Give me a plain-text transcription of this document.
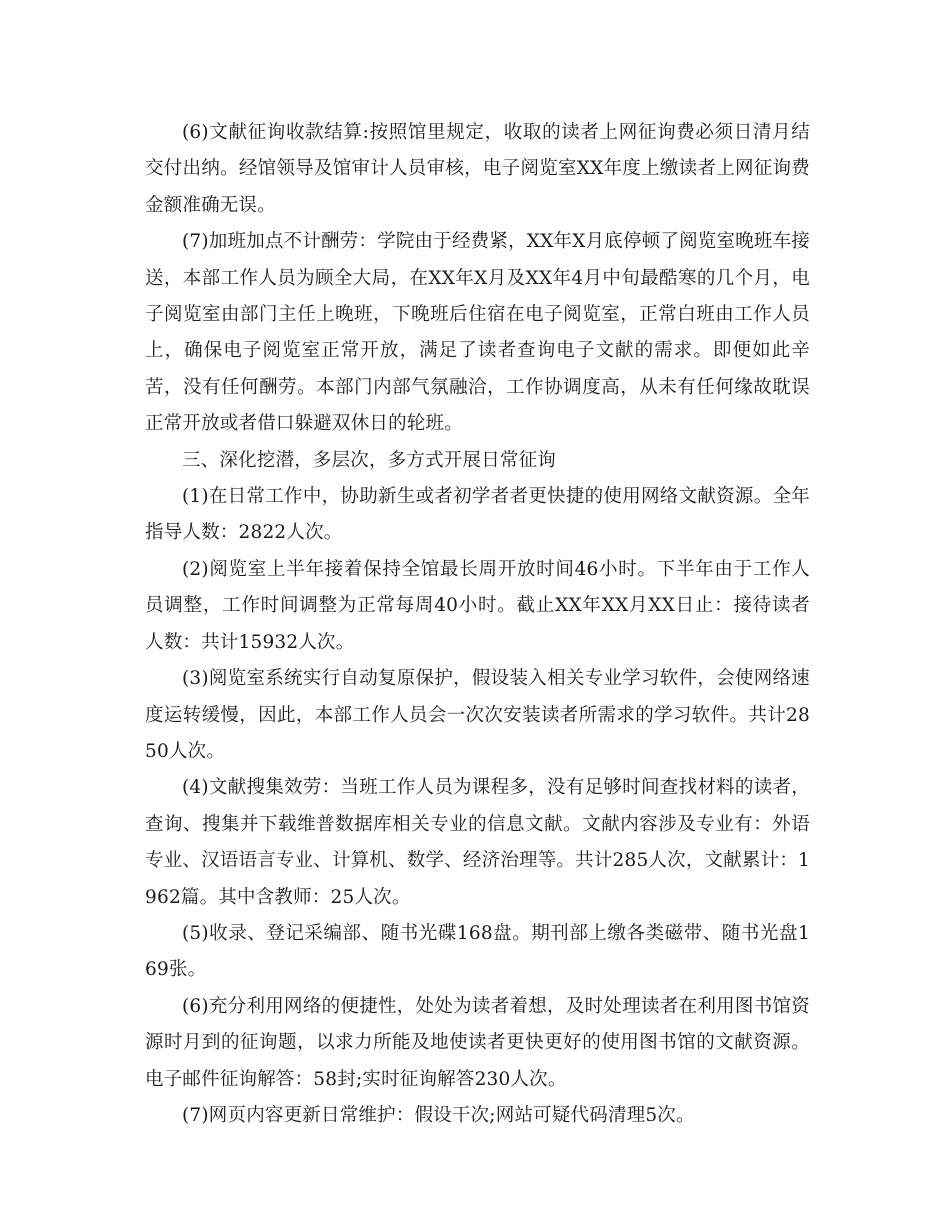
(6)文献征询收款结算:按照馆里规定，收取的读者上网征询费必须日清月结交付出纳。经馆领导及馆审计人员审核，电子阅览室XX年度上缴读者上网征询费金额准确无误。

(7)加班加点不计酬劳：学院由于经费紧，XX年X月底停顿了阅览室晚班车接送，本部工作人员为顾全大局，在XX年X月及XX年4月中旬最酷寒的几个月，电子阅览室由部门主任上晚班，下晚班后住宿在电子阅览室，正常白班由工作人员上，确保电子阅览室正常开放，满足了读者查询电子文献的需求。即便如此辛苦，没有任何酬劳。本部门内部气氛融洽，工作协调度高，从未有任何缘故耽误正常开放或者借口躲避双休日的轮班。

三、深化挖潜，多层次，多方式开展日常征询

(1)在日常工作中，协助新生或者初学者者更快捷的使用网络文献资源。全年指导人数：2822人次。

(2)阅览室上半年接着保持全馆最长周开放时间46小时。下半年由于工作人员调整，工作时间调整为正常每周40小时。截止XX年XX月XX日止：接待读者人数：共计15932人次。

(3)阅览室系统实行自动复原保护，假设装入相关专业学习软件，会使网络速度运转缓慢，因此，本部工作人员会一次次安装读者所需求的学习软件。共计2850人次。

(4)文献搜集效劳：当班工作人员为课程多，没有足够时间查找材料的读者，查询、搜集并下载维普数据库相关专业的信息文献。文献内容涉及专业有：外语专业、汉语语言专业、计算机、数学、经济治理等。共计285人次，文献累计：1962篇。其中含教师：25人次。

(5)收录、登记采编部、随书光碟168盘。期刊部上缴各类磁带、随书光盘169张。

(6)充分利用网络的便捷性，处处为读者着想，及时处理读者在利用图书馆资源时月到的征询题，以求力所能及地使读者更快更好的使用图书馆的文献资源。电子邮件征询解答：58封;实时征询解答230人次。

(7)网页内容更新日常维护：假设干次;网站可疑代码清理5次。
